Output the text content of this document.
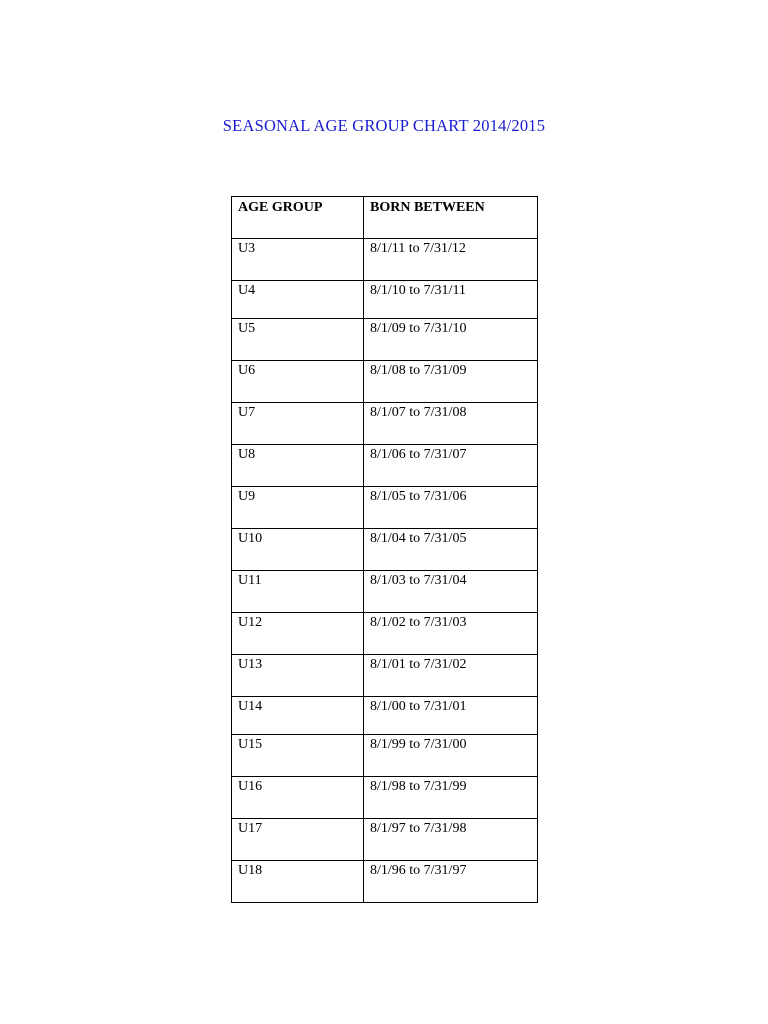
SEASONAL AGE GROUP CHART 2014/2015
AGE GROUP	BORN BETWEEN
U3	8/1/11 to 7/31/12
U4	8/1/10 to 7/31/11
U5	8/1/09 to 7/31/10
U6	8/1/08 to 7/31/09
U7	8/1/07 to 7/31/08
U8	8/1/06 to 7/31/07
U9	8/1/05 to 7/31/06
U10	8/1/04 to 7/31/05
U11	8/1/03 to 7/31/04
U12	8/1/02 to 7/31/03
U13	8/1/01 to 7/31/02
U14	8/1/00 to 7/31/01
U15	8/1/99 to 7/31/00
U16	8/1/98 to 7/31/99
U17	8/1/97 to 7/31/98
U18	8/1/96 to 7/31/97
